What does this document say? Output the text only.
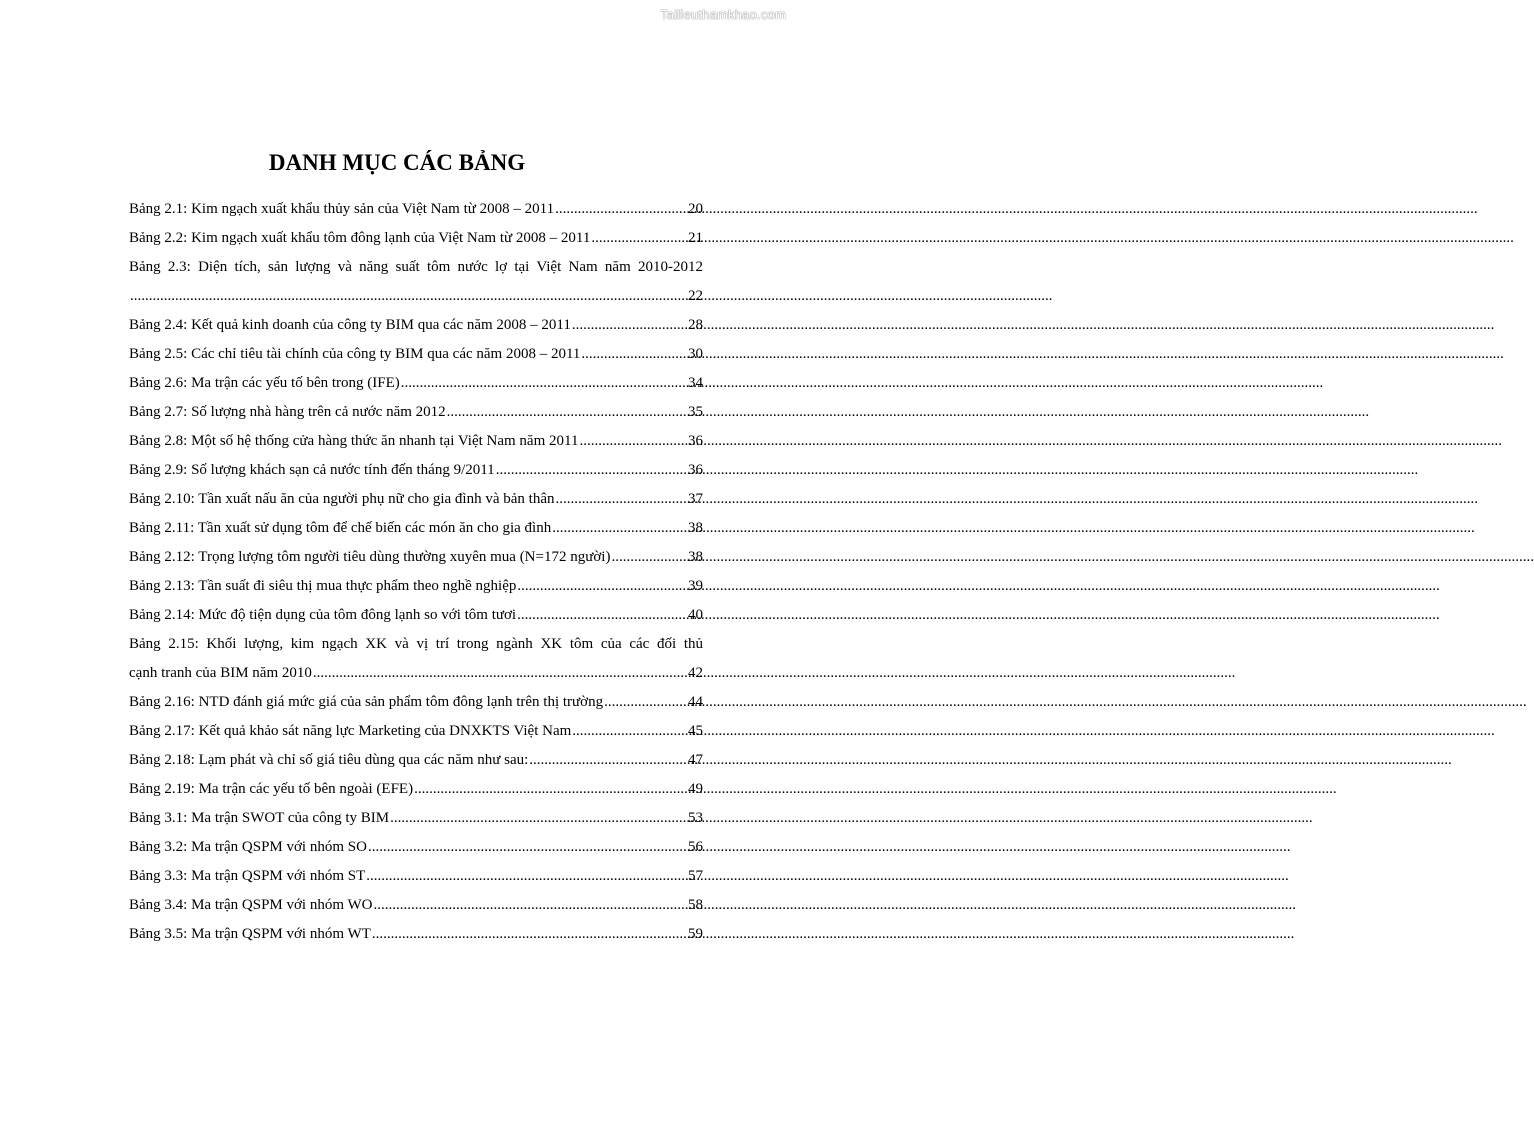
Tailieuthamkhao.com
DANH MỤC CÁC BẢNG
Bảng 2.1: Kim ngạch xuất khẩu thủy sản của Việt Nam từ 2008 – 2011 .....	20
Bảng 2.2: Kim ngạch xuất khẩu tôm đông lạnh của Việt Nam từ 2008 – 2011 .....	21
Bảng 2.3: Diện tích, sản lượng và năng suất tôm nước lợ tại Việt Nam năm 2010-2012
.....
22
Bảng 2.4: Kết quả kinh doanh của công ty BIM qua các năm 2008 – 2011 .....	28
Bảng 2.5: Các chỉ tiêu tài chính của công ty BIM qua các năm 2008 – 2011 .....	30
Bảng 2.6: Ma trận các yếu tố bên trong (IFE) .....	34
Bảng 2.7: Số lượng nhà hàng trên cả nước năm 2012 .....	35
Bảng 2.8: Một số hệ thống cửa hàng thức ăn nhanh tại Việt Nam năm 2011 .....	36
Bảng 2.9: Số lượng khách sạn cả nước tính đến tháng 9/2011 .....	36
Bảng 2.10: Tần xuất nấu ăn của người phụ nữ cho gia đình và bản thân .....	37
Bảng 2.11: Tần xuất sử dụng tôm để chế biến các món ăn cho gia đình .....	38
Bảng 2.12: Trọng lượng tôm người tiêu dùng thường xuyên mua (N=172 người) .....	38
Bảng 2.13: Tần suất đi siêu thị mua thực phẩm theo nghề nghiệp .....	39
Bảng 2.14: Mức độ tiện dụng của tôm đông lạnh so với tôm tươi .....	40
Bảng 2.15: Khối lượng, kim ngạch XK và vị trí trong ngành XK tôm của các đối thủ
cạnh tranh của BIM năm 2010 .....	42
Bảng 2.16: NTD đánh giá mức giá của sản phẩm tôm đông lạnh trên thị trường .....	44
Bảng 2.17: Kết quả khảo sát năng lực Marketing của DNXKTS Việt Nam .....	45
Bảng 2.18: Lạm phát và chỉ số giá tiêu dùng qua các năm như sau: .....	47
Bảng 2.19: Ma trận các yếu tố bên ngoài (EFE) .....	49
Bảng 3.1: Ma trận SWOT của công ty BIM .....	53
Bảng 3.2: Ma trận QSPM với nhóm SO .....	56
Bảng 3.3: Ma trận QSPM với nhóm ST .....	57
Bảng 3.4: Ma trận QSPM với nhóm WO .....	58
Bảng 3.5: Ma trận QSPM với nhóm WT .....	59
